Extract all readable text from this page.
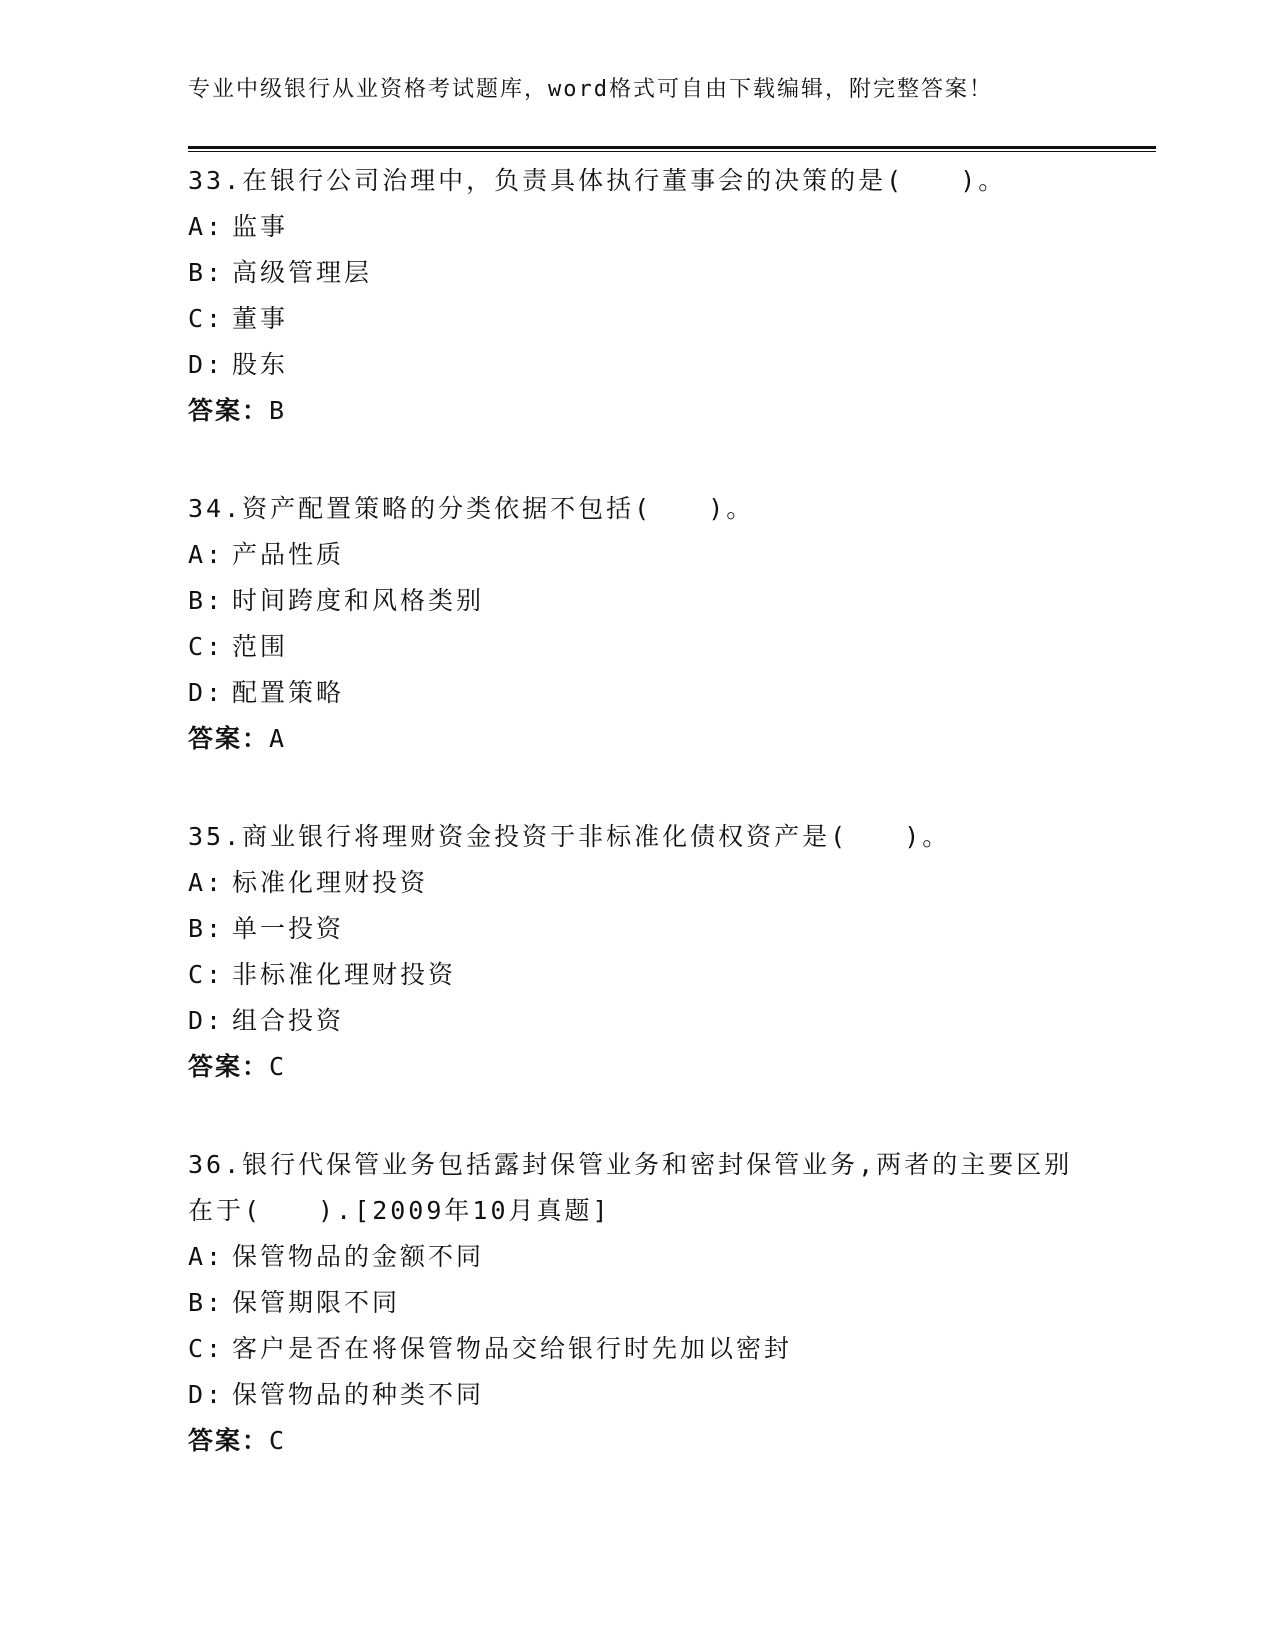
专业中级银行从业资格考试题库，word格式可自由下载编辑，附完整答案！

33.在银行公司治理中，负责具体执行董事会的决策的是(　　)。

A: 监事

B: 高级管理层

C: 董事

D: 股东

答案：B

34.资产配置策略的分类依据不包括(　　)。

A: 产品性质

B: 时间跨度和风格类别

C: 范围

D: 配置策略

答案：A

35.商业银行将理财资金投资于非标准化债权资产是(　　)。

A: 标准化理财投资

B: 单一投资

C: 非标准化理财投资

D: 组合投资

答案：C

36.银行代保管业务包括露封保管业务和密封保管业务,两者的主要区别在于(　　).[2009年10月真题]

A: 保管物品的金额不同

B: 保管期限不同

C: 客户是否在将保管物品交给银行时先加以密封

D: 保管物品的种类不同

答案：C
